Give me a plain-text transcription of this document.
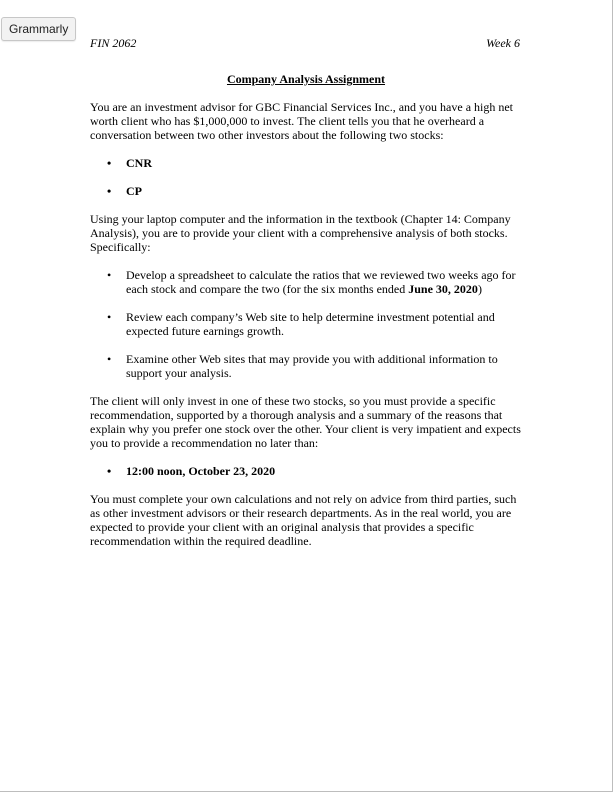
FIN 2062	Week 6
Company Analysis Assignment

You are an investment advisor for GBC Financial Services Inc., and you have a high net worth client who has $1,000,000 to invest. The client tells you that he overheard a conversation between two other investors about the following two stocks:

• CNR
• CP

Using your laptop computer and the information in the textbook (Chapter 14: Company Analysis), you are to provide your client with a comprehensive analysis of both stocks. Specifically:

• Develop a spreadsheet to calculate the ratios that we reviewed two weeks ago for each stock and compare the two (for the six months ended June 30, 2020)
• Review each company’s Web site to help determine investment potential and expected future earnings growth.
• Examine other Web sites that may provide you with additional information to support your analysis.

The client will only invest in one of these two stocks, so you must provide a specific recommendation, supported by a thorough analysis and a summary of the reasons that explain why you prefer one stock over the other. Your client is very impatient and expects you to provide a recommendation no later than:

• 12:00 noon, October 23, 2020

You must complete your own calculations and not rely on advice from third parties, such as other investment advisors or their research departments. As in the real world, you are expected to provide your client with an original analysis that provides a specific recommendation within the required deadline.

Grammarly
